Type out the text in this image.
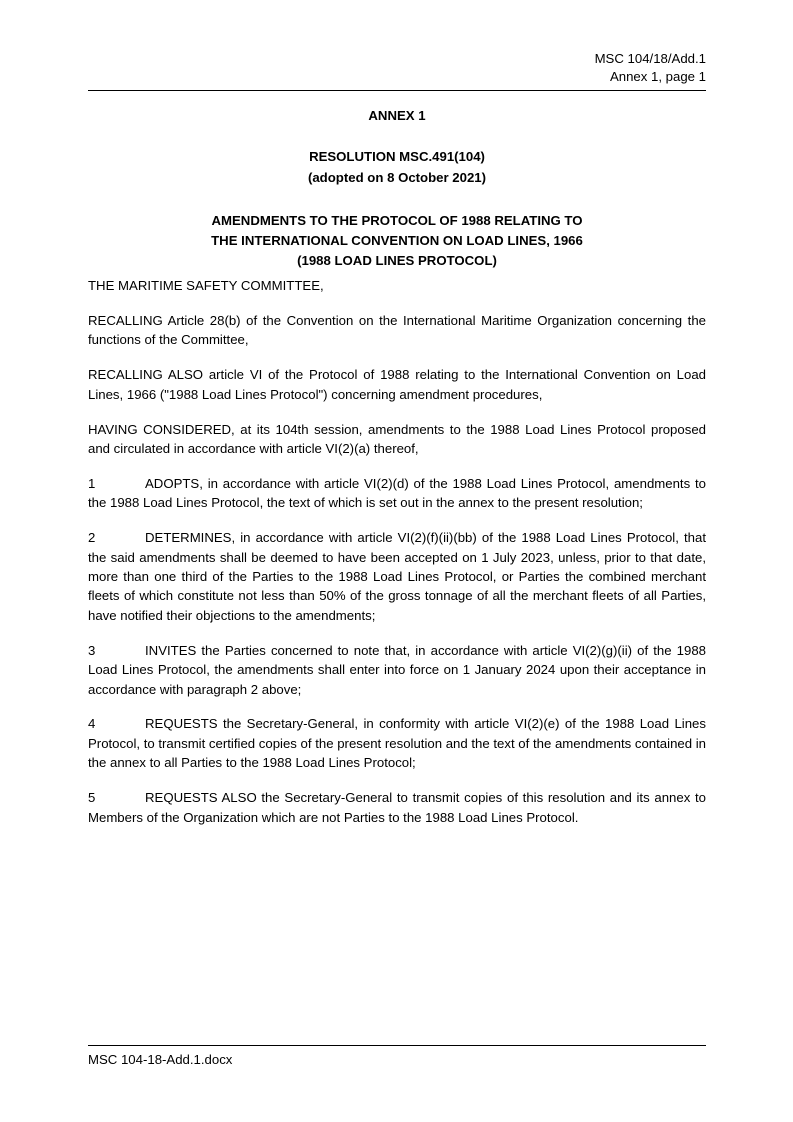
MSC 104/18/Add.1
Annex 1, page 1
ANNEX 1
RESOLUTION MSC.491(104)
(adopted on 8 October 2021)
AMENDMENTS TO THE PROTOCOL OF 1988 RELATING TO
THE INTERNATIONAL CONVENTION ON LOAD LINES, 1966
(1988 LOAD LINES PROTOCOL)

THE MARITIME SAFETY COMMITTEE,

RECALLING Article 28(b) of the Convention on the International Maritime Organization concerning the functions of the Committee,

RECALLING ALSO article VI of the Protocol of 1988 relating to the International Convention on Load Lines, 1966 ("1988 Load Lines Protocol") concerning amendment procedures,

HAVING CONSIDERED, at its 104th session, amendments to the 1988 Load Lines Protocol proposed and circulated in accordance with article VI(2)(a) thereof,

1	ADOPTS, in accordance with article VI(2)(d) of the 1988 Load Lines Protocol, amendments to the 1988 Load Lines Protocol, the text of which is set out in the annex to the present resolution;

2	DETERMINES, in accordance with article VI(2)(f)(ii)(bb) of the 1988 Load Lines Protocol, that the said amendments shall be deemed to have been accepted on 1 July 2023, unless, prior to that date, more than one third of the Parties to the 1988 Load Lines Protocol, or Parties the combined merchant fleets of which constitute not less than 50% of the gross tonnage of all the merchant fleets of all Parties, have notified their objections to the amendments;

3	INVITES the Parties concerned to note that, in accordance with article VI(2)(g)(ii) of the 1988 Load Lines Protocol, the amendments shall enter into force on 1 January 2024 upon their acceptance in accordance with paragraph 2 above;

4	REQUESTS the Secretary-General, in conformity with article VI(2)(e) of the 1988 Load Lines Protocol, to transmit certified copies of the present resolution and the text of the amendments contained in the annex to all Parties to the 1988 Load Lines Protocol;

5	REQUESTS ALSO the Secretary-General to transmit copies of this resolution and its annex to Members of the Organization which are not Parties to the 1988 Load Lines Protocol.

MSC 104-18-Add.1.docx
